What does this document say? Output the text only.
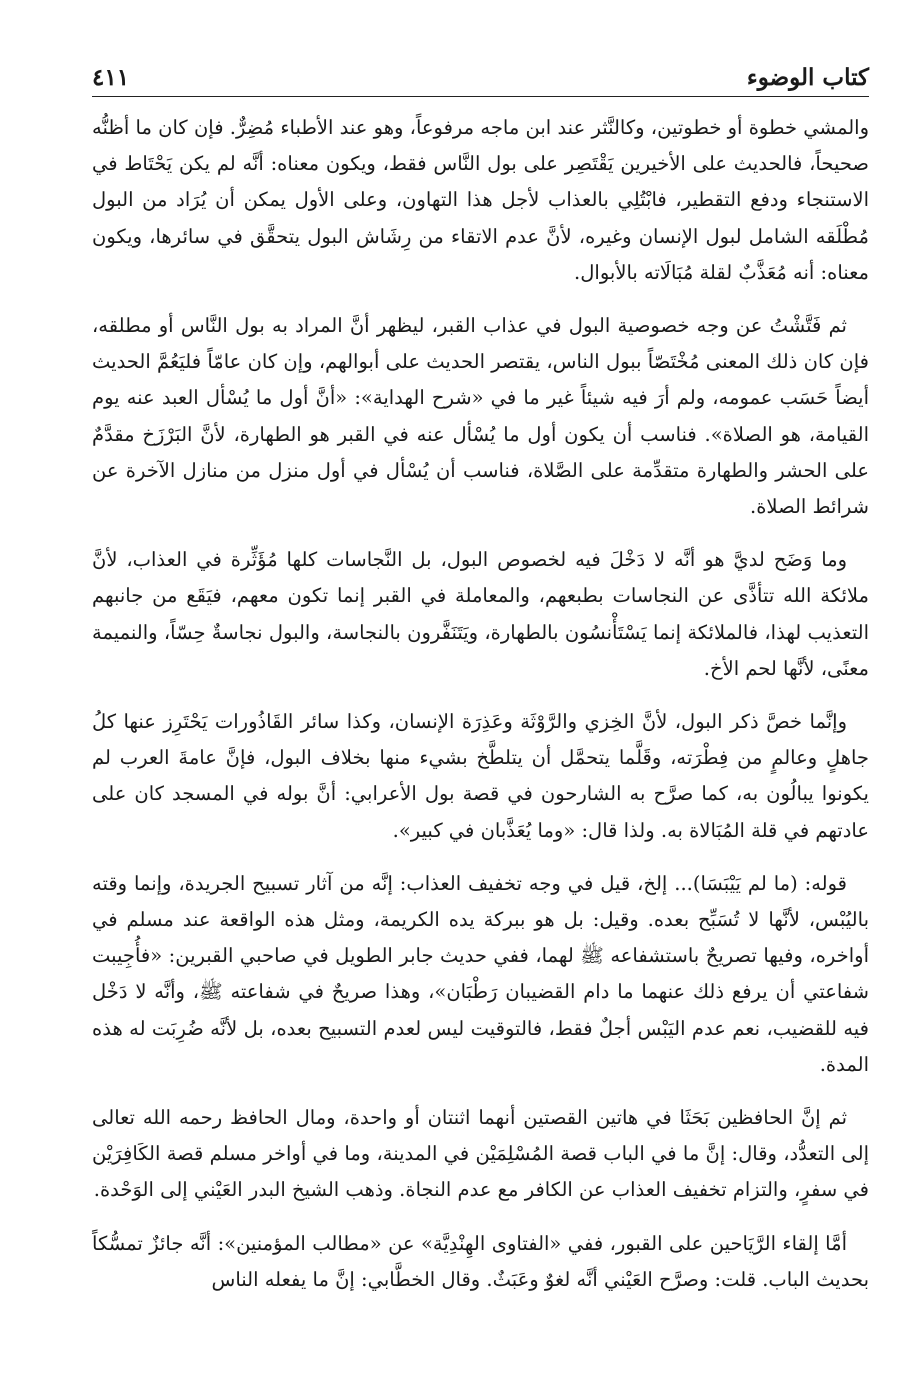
كتاب الوضوء
٤١١

والمشي خطوة أو خطوتين، وكالنَّثر عند ابن ماجه مرفوعاً، وهو عند الأطباء مُضِرٌّ. فإن كان ما أظنُّه صحيحاً، فالحديث على الأخيرين يَقْتَصِر على بول النَّاس فقط، ويكون معناه: أنَّه لم يكن يَحْتَاط في الاستنجاء ودفع التقطير، فابْتُلِي بالعذاب لأجل هذا التهاون، وعلى الأول يمكن أن يُرَاد من البول مُطْلَقه الشامل لبول الإنسان وغيره، لأنَّ عدم الاتقاء من رِشَاش البول يتحقَّق في سائرها، ويكون معناه: أنه مُعَذَّبٌ لقلة مُبَالَاته بالأبوال.

ثم فَتَّشْتُ عن وجه خصوصية البول في عذاب القبر، ليظهر أنَّ المراد به بول النَّاس أو مطلقه، فإن كان ذلك المعنى مُخْتَصّاً ببول الناس، يقتصر الحديث على أبوالهم، وإن كان عامّاً فليَعُمَّ الحديث أيضاً حَسَب عمومه، ولم أرَ فيه شيئاً غير ما في «شرح الهداية»: «أنَّ أول ما يُسْأل العبد عنه يوم القيامة، هو الصلاة». فناسب أن يكون أول ما يُسْأل عنه في القبر هو الطهارة، لأنَّ البَرْزَخ مقدَّمٌ على الحشر والطهارة متقدِّمة على الصَّلاة، فناسب أن يُسْأل في أول منزل من منازل الآخرة عن شرائط الصلاة.

وما وَضَح لديَّ هو أنَّه لا دَخْلَ فيه لخصوص البول، بل النَّجاسات كلها مُؤَثِّرة في العذاب، لأنَّ ملائكة الله تتأذَّى عن النجاسات بطبعهم، والمعاملة في القبر إنما تكون معهم، فيَقَع من جانبهم التعذيب لهذا، فالملائكة إنما يَسْتَأْنسُون بالطهارة، ويَتَنَفَّرون بالنجاسة، والبول نجاسةٌ حِسّاً، والنميمة معنًى، لأنَّها لحم الأخ.

وإنَّما خصَّ ذكر البول، لأنَّ الخِزي والرَّوْثَة وعَذِرَة الإنسان، وكذا سائر القَاذُورات يَحْتَرِز عنها كلُ جاهلٍ وعالمٍ من فِطْرَته، وقَلَّما يتحمَّل أن يتلطَّخ بشيء منها بخلاف البول، فإنَّ عامةَ العرب لم يكونوا يبالُون به، كما صرَّح به الشارحون في قصة بول الأعرابي: أنَّ بوله في المسجد كان على عادتهم في قلة المُبَالاة به. ولذا قال: «وما يُعَذَّبان في كبير».

قوله: (ما لم يَيْبَسَا)... إلخ، قيل في وجه تخفيف العذاب: إنَّه من آثار تسبيح الجريدة، وإنما وقته باليُبْس، لأنَّها لا تُسَبِّح بعده. وقيل: بل هو ببركة يده الكريمة، ومثل هذه الواقعة عند مسلم في أواخره، وفيها تصريحٌ باستشفاعه ﷺ لهما، ففي حديث جابر الطويل في صاحبي القبرين: «فأُجِيبت شفاعتي أن يرفع ذلك عنهما ما دام القضيبان رَطْبَان»، وهذا صريحٌ في شفاعته ﷺ، وأنَّه لا دَخْل فيه للقضيب، نعم عدم اليَبْس أجلٌ فقط، فالتوقيت ليس لعدم التسبيح بعده، بل لأنَّه ضُرِبَت له هذه المدة.

ثم إنَّ الحافظين بَحَثَا في هاتين القصتين أنهما اثنتان أو واحدة، ومال الحافظ رحمه الله تعالى إلى التعدُّد، وقال: إنَّ ما في الباب قصة المُسْلِمَيْن في المدينة، وما في أواخر مسلم قصة الكَافِرَيْن في سفرٍ، والتزام تخفيف العذاب عن الكافر مع عدم النجاة. وذهب الشيخ البدر العَيْني إلى الوَحْدة.

أمَّا إلقاء الرَّيَاحين على القبور، ففي «الفتاوى الهِنْدِيَّة» عن «مطالب المؤمنين»: أنَّه جائزٌ تمسُّكاً بحديث الباب. قلت: وصرَّح العَيْني أنَّه لغوٌ وعَبَثٌ. وقال الخطَّابي: إنَّ ما يفعله الناس
